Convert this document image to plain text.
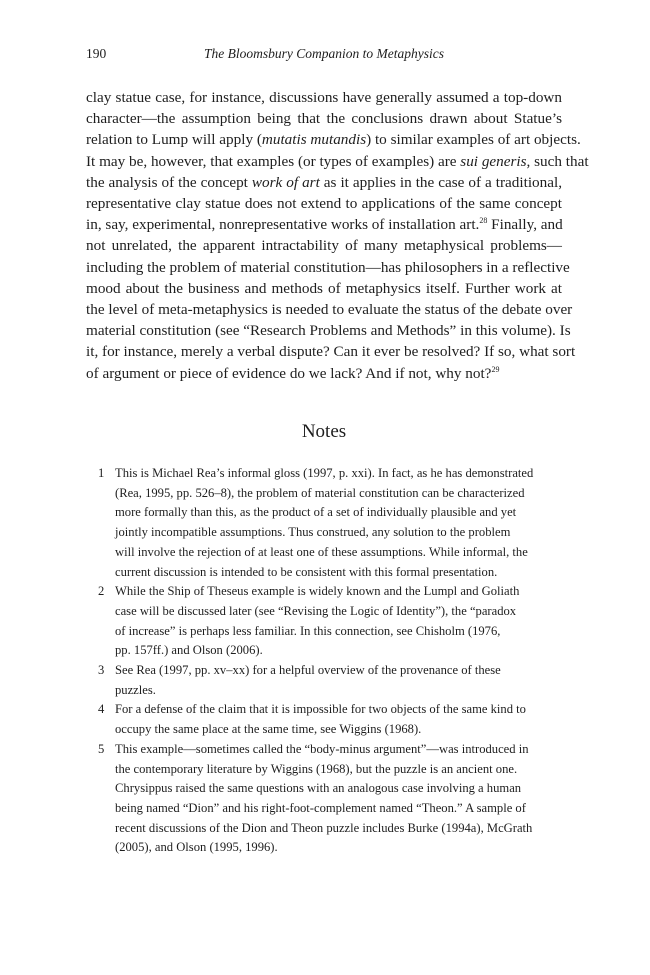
190	The Bloomsbury Companion to Metaphysics
clay statue case, for instance, discussions have generally assumed a top-down
character—the assumption being that the conclusions drawn about Statue’s
relation to Lump will apply (mutatis mutandis) to similar examples of art objects.
It may be, however, that examples (or types of examples) are sui generis, such that
the analysis of the concept work of art as it applies in the case of a traditional,
representative clay statue does not extend to applications of the same concept
in, say, experimental, nonrepresentative works of installation art.$^{28}$ Finally, and
not unrelated, the apparent intractability of many metaphysical problems—
including the problem of material constitution—has philosophers in a reflective
mood about the business and methods of metaphysics itself. Further work at
the level of meta-metaphysics is needed to evaluate the status of the debate over
material constitution (see “Research Problems and Methods” in this volume). Is
it, for instance, merely a verbal dispute? Can it ever be resolved? If so, what sort
of argument or piece of evidence do we lack? And if not, why not?$^{29}$
Notes
1 This is Michael Rea’s informal gloss (1997, p. xxi). In fact, as he has demonstrated
(Rea, 1995, pp. 526–8), the problem of material constitution can be characterized
more formally than this, as the product of a set of individually plausible and yet
jointly incompatible assumptions. Thus construed, any solution to the problem
will involve the rejection of at least one of these assumptions. While informal, the
current discussion is intended to be consistent with this formal presentation.
2 While the Ship of Theseus example is widely known and the Lumpl and Goliath
case will be discussed later (see “Revising the Logic of Identity”), the “paradox
of increase” is perhaps less familiar. In this connection, see Chisholm (1976,
pp. 157ff.) and Olson (2006).
3 See Rea (1997, pp. xv–xx) for a helpful overview of the provenance of these
puzzles.
4 For a defense of the claim that it is impossible for two objects of the same kind to
occupy the same place at the same time, see Wiggins (1968).
5 This example—sometimes called the “body-minus argument”—was introduced in
the contemporary literature by Wiggins (1968), but the puzzle is an ancient one.
Chrysippus raised the same questions with an analogous case involving a human
being named “Dion” and his right-foot-complement named “Theon.” A sample of
recent discussions of the Dion and Theon puzzle includes Burke (1994a), McGrath
(2005), and Olson (1995, 1996).
